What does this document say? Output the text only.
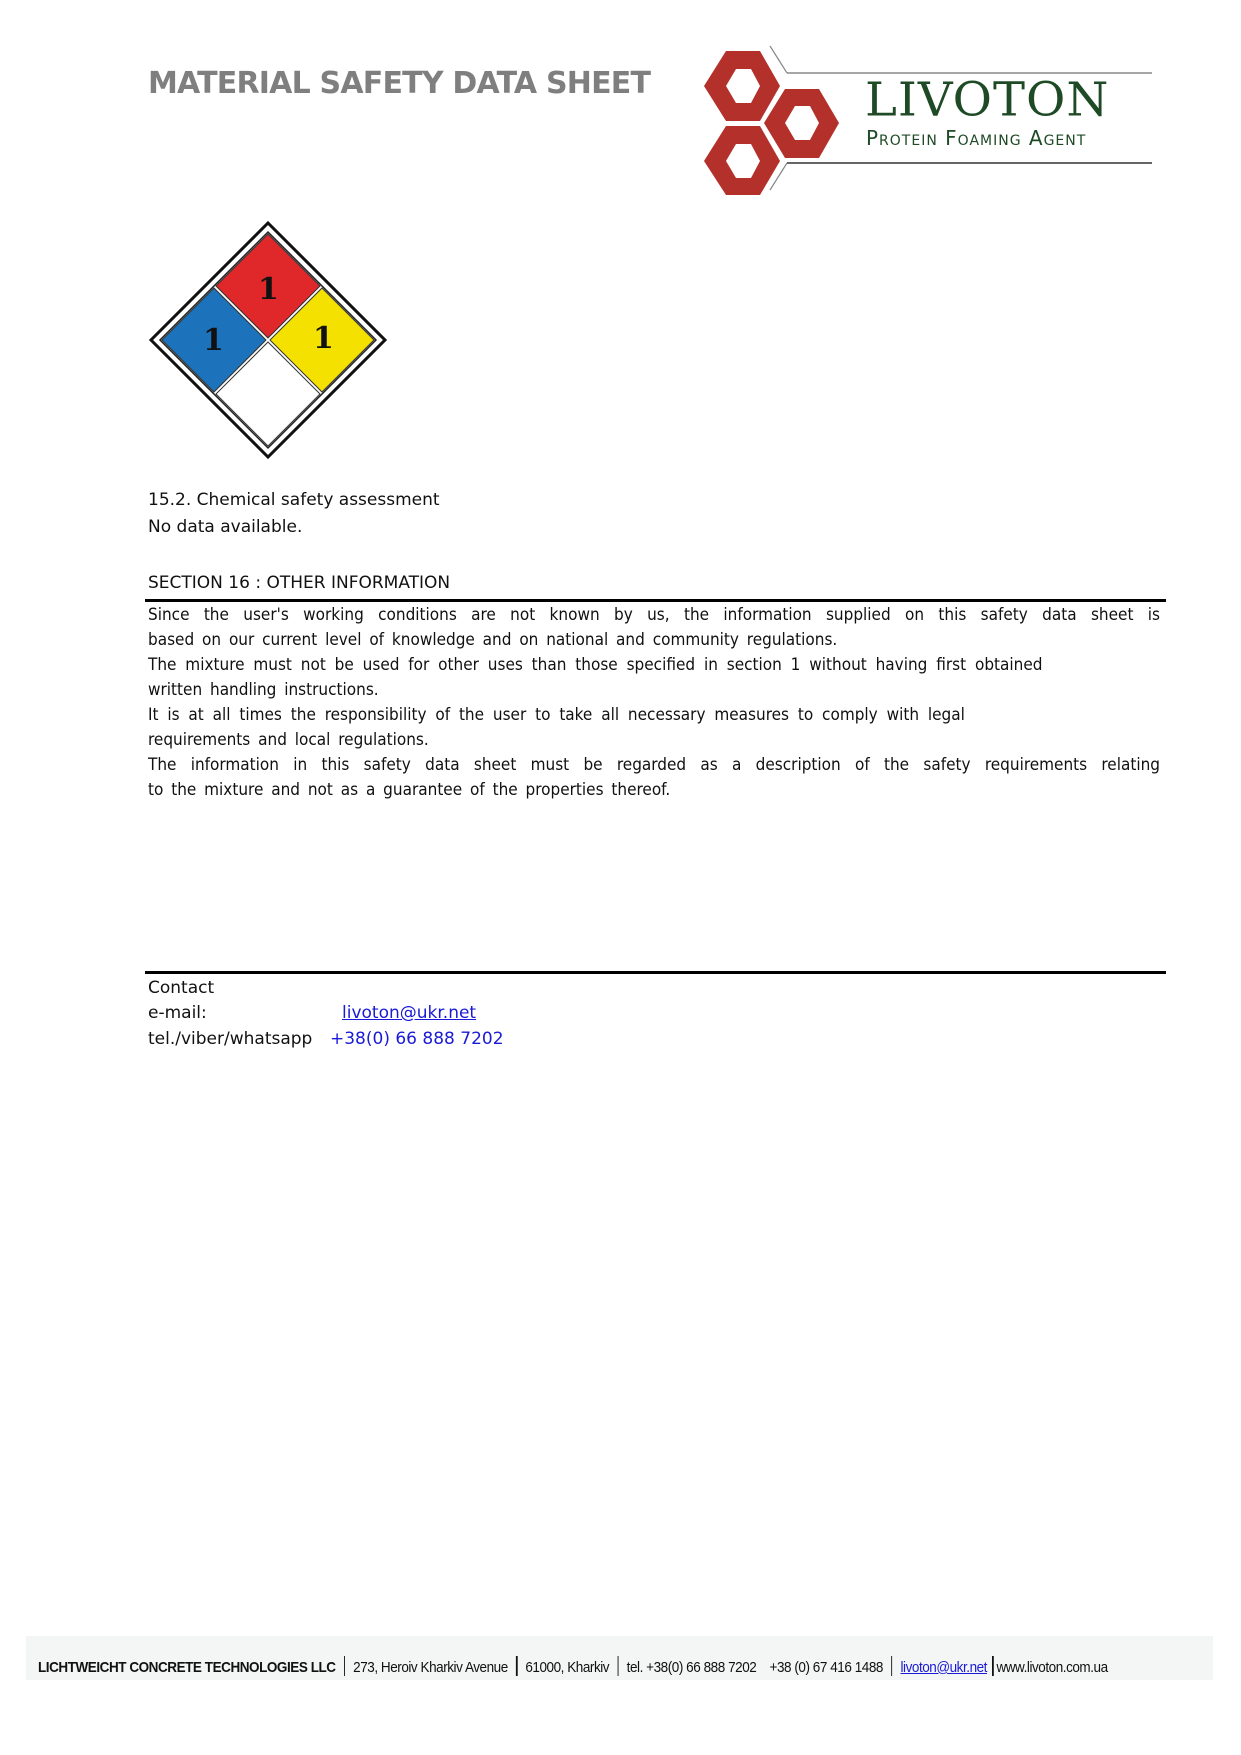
MATERIAL SAFETY DATA SHEET	LIVOTON
Protein Foaming Agent
1
1	1
15.2. Chemical safety assessment
No data available.
SECTION 16 : OTHER INFORMATION
Since the user's working conditions are not known by us, the information supplied on this safety data sheet is
based on our current level of knowledge and on national and community regulations.
The mixture must not be used for other uses than those specified in section 1 without having first obtained
written handling instructions.
It is at all times the responsibility of the user to take all necessary measures to comply with legal
requirements and local regulations.
The information in this safety data sheet must be regarded as a description of the safety requirements relating
to the mixture and not as a guarantee of the properties thereof.
Contact
e-mail:	livoton@ukr.net
tel./viber/whatsapp +38(0) 66 888 7202
LICHTWEICHT CONCRETE TECHNOLOGIES LLC 273, Heroiv Kharkiv Avenue 61000, Kharkiv tel. +38(0) 66 888 7202    +38 (0) 67 416 1488 livoton@ukr.net www.livoton.com.ua
